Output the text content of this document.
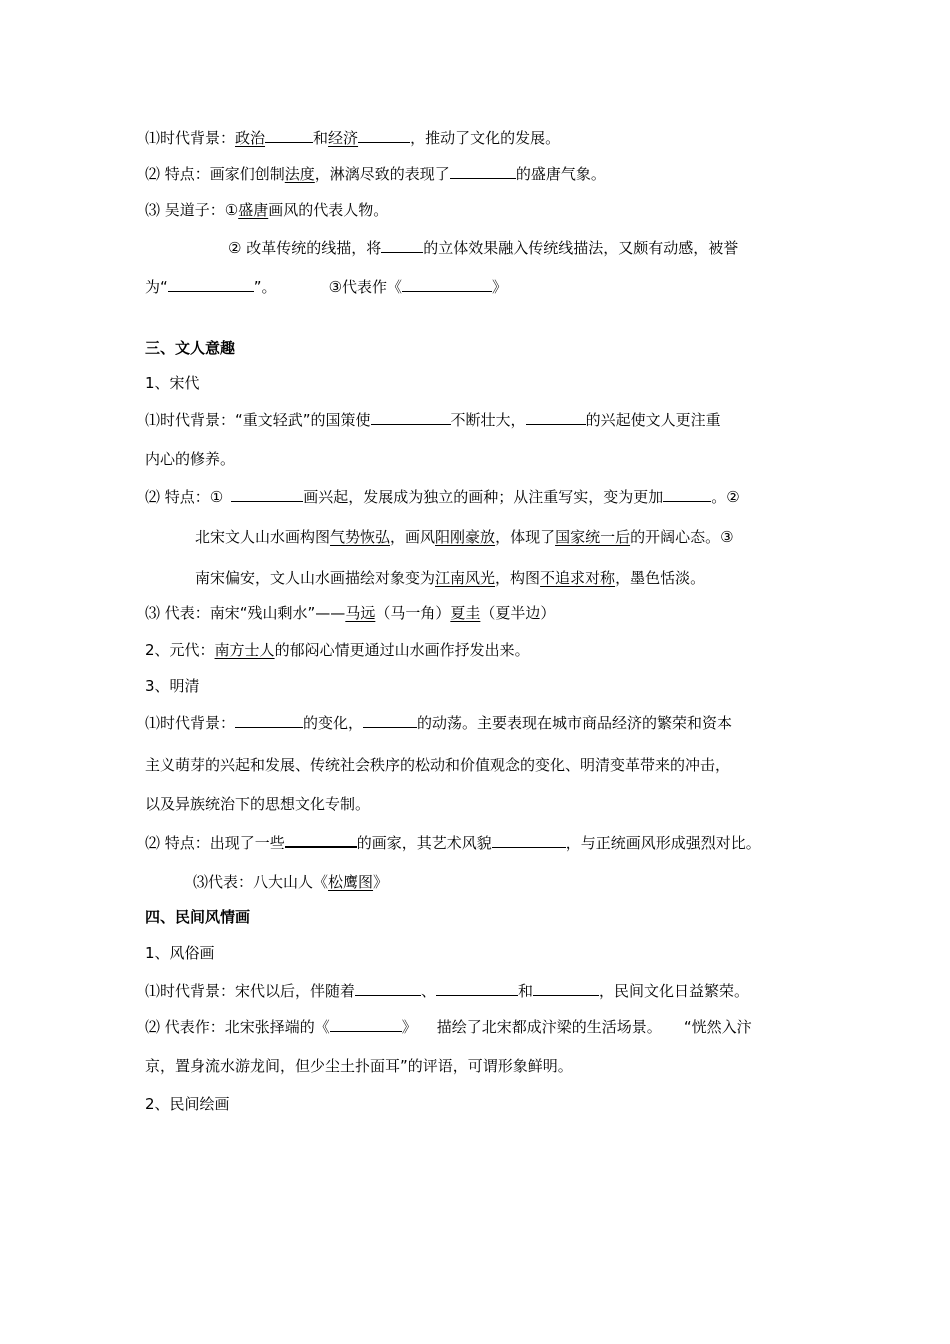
⑴时代背景：政治	和经济	，推动了文化的发展。
⑵ 特点：画家们创制法度，淋漓尽致的表现了	的盛唐气象。
⑶ 吴道子：①盛唐画风的代表人物。
② 改革传统的线描，将	的立体效果融入传统线描法，又颇有动感，被誉
为“	”。	③代表作《	》
三、文人意趣
1、宋代
⑴时代背景：“重文轻武”的国策使	不断壮大，	的兴起使文人更注重
内心的修养。
⑵ 特点：①	画兴起，发展成为独立的画种；从注重写实，变为更加	。②
北宋文人山水画构图气势恢弘，画风阳刚豪放，体现了国家统一后的开阔心态。③
南宋偏安，文人山水画描绘对象变为江南风光，构图不追求对称，墨色恬淡。
⑶ 代表：南宋“残山剩水”——马远（马一角）夏圭（夏半边）
2、元代：南方士人的郁闷心情更通过山水画作抒发出来。
3、明清
⑴时代背景：	的变化，	的动荡。主要表现在城市商品经济的繁荣和资本
主义萌芽的兴起和发展、传统社会秩序的松动和价值观念的变化、明清变革带来的冲击，
以及异族统治下的思想文化专制。
⑵ 特点：出现了一些	的画家，其艺术风貌	，与正统画风形成强烈对比。
⑶代表：八大山人《松鹰图》
四、民间风情画
1、风俗画
⑴时代背景：宋代以后，伴随着	、	和	，民间文化日益繁荣。
⑵ 代表作：北宋张择端的《	》 描绘了北宋都成汴梁的生活场景。 “恍然入汴
京，置身流水游龙间，但少尘土扑面耳”的评语，可谓形象鲜明。
2、民间绘画
